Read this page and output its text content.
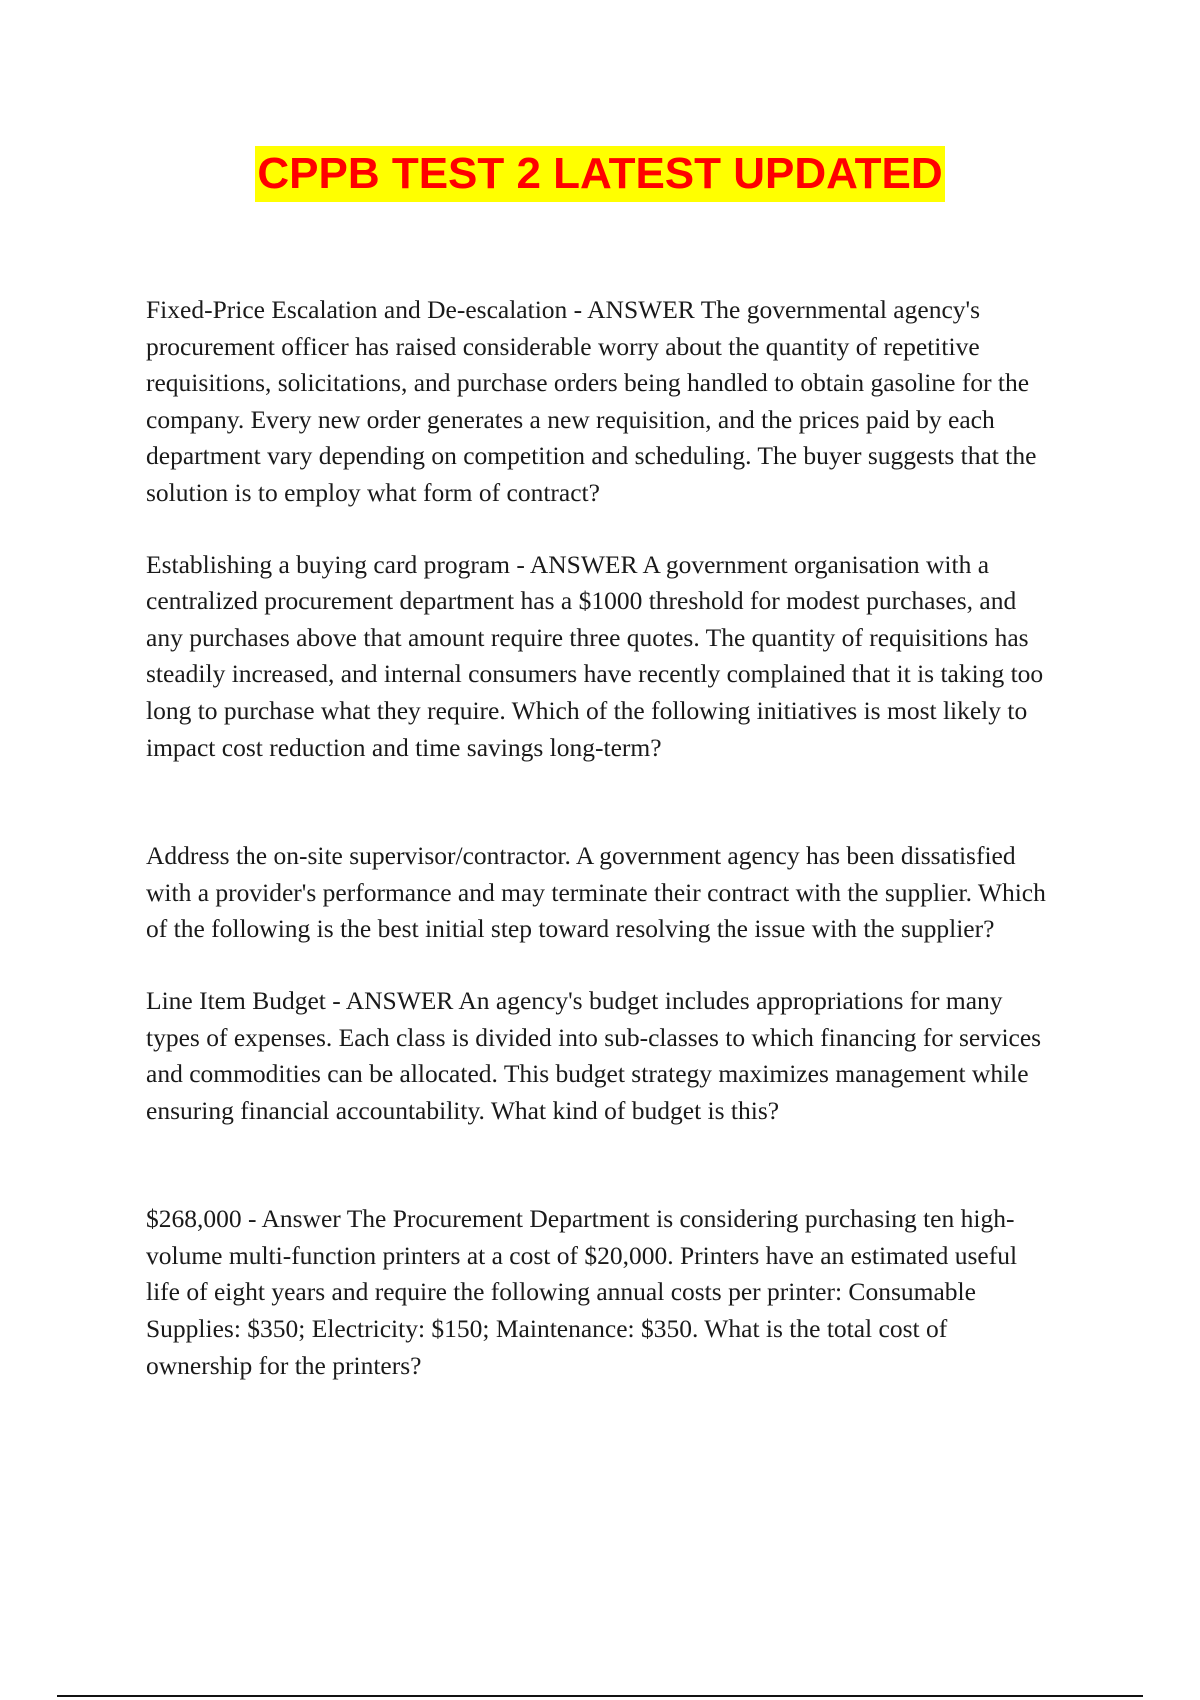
CPPB TEST 2 LATEST UPDATED

Fixed-Price Escalation and De-escalation - ANSWER The governmental agency's procurement officer has raised considerable worry about the quantity of repetitive requisitions, solicitations, and purchase orders being handled to obtain gasoline for the company. Every new order generates a new requisition, and the prices paid by each department vary depending on competition and scheduling. The buyer suggests that the solution is to employ what form of contract?

Establishing a buying card program - ANSWER A government organisation with a centralized procurement department has a $1000 threshold for modest purchases, and any purchases above that amount require three quotes. The quantity of requisitions has steadily increased, and internal consumers have recently complained that it is taking too long to purchase what they require. Which of the following initiatives is most likely to impact cost reduction and time savings long-term?

Address the on-site supervisor/contractor. A government agency has been dissatisfied with a provider's performance and may terminate their contract with the supplier. Which of the following is the best initial step toward resolving the issue with the supplier?

Line Item Budget - ANSWER An agency's budget includes appropriations for many types of expenses. Each class is divided into sub-classes to which financing for services and commodities can be allocated. This budget strategy maximizes management while ensuring financial accountability. What kind of budget is this?

$268,000 - Answer The Procurement Department is considering purchasing ten high-volume multi-function printers at a cost of $20,000. Printers have an estimated useful life of eight years and require the following annual costs per printer: Consumable Supplies: $350; Electricity: $150; Maintenance: $350. What is the total cost of ownership for the printers?
